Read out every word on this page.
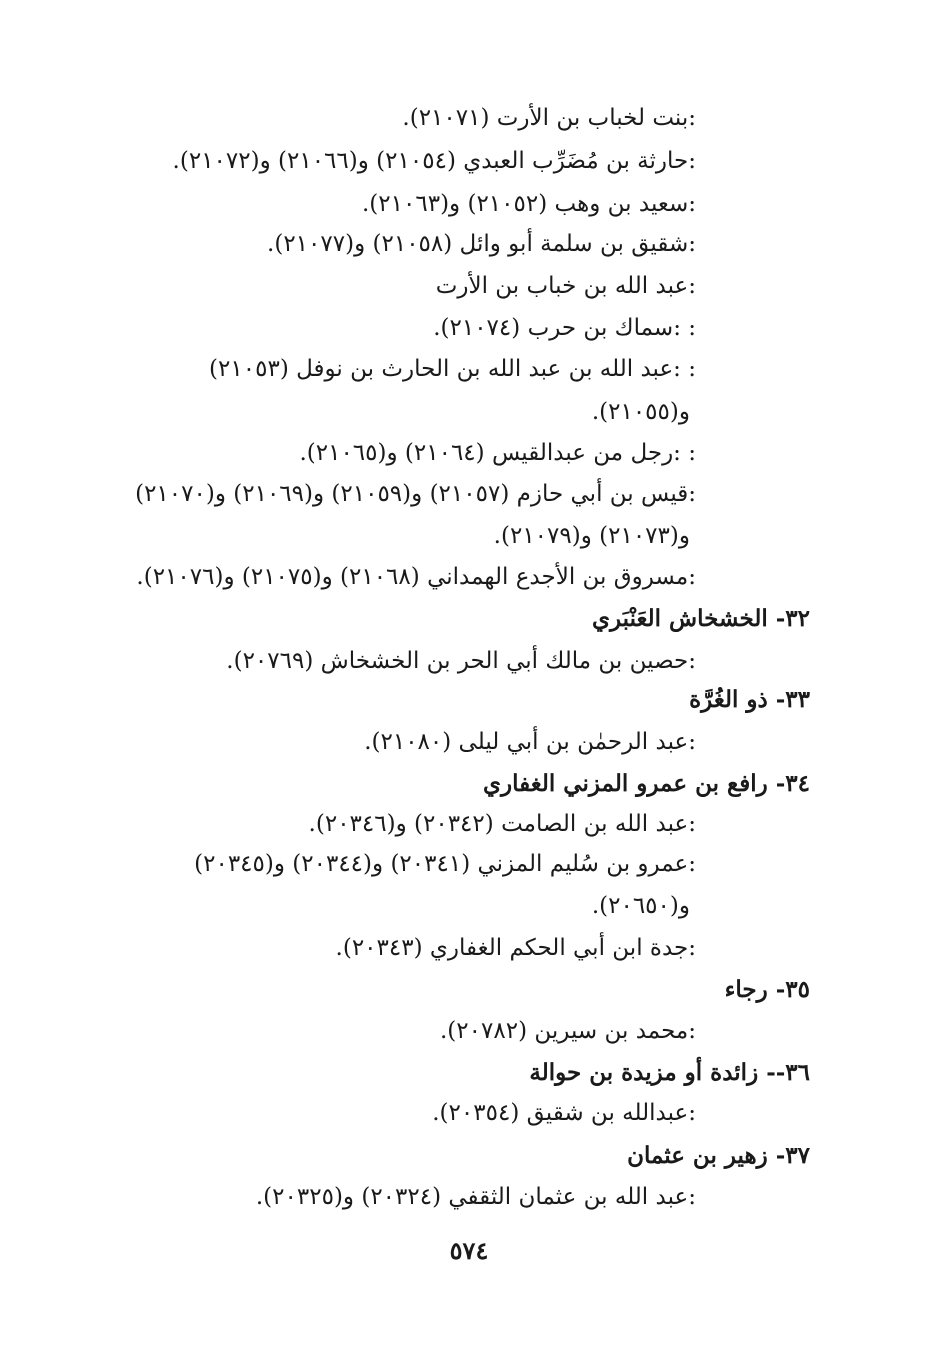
:بنت لخباب بن الأرت (٢١٠٧١).
:حارثة بن مُضَرِّب العبدي (٢١٠٥٤) و(٢١٠٦٦) و(٢١٠٧٢).
:سعيد بن وهب (٢١٠٥٢) و(٢١٠٦٣).
:شقيق بن سلمة أبو وائل (٢١٠٥٨) و(٢١٠٧٧).
:عبد الله بن خباب بن الأرت
: :سماك بن حرب (٢١٠٧٤).
: :عبد الله بن عبد الله بن الحارث بن نوفل (٢١٠٥٣)
و(٢١٠٥٥).
: :رجل من عبدالقيس (٢١٠٦٤) و(٢١٠٦٥).
:قيس بن أبي حازم (٢١٠٥٧) و(٢١٠٥٩) و(٢١٠٦٩) و(٢١٠٧٠)
و(٢١٠٧٣) و(٢١٠٧٩).
:مسروق بن الأجدع الهمداني (٢١٠٦٨) و(٢١٠٧٥) و(٢١٠٧٦).
٣٢- الخشخاش العَنْبَري
:حصين بن مالك أبي الحر بن الخشخاش (٢٠٧٦٩).
٣٣- ذو الغُرَّة
:عبد الرحمٰن بن أبي ليلى (٢١٠٨٠).
٣٤- رافع بن عمرو المزني الغفاري
:عبد الله بن الصامت (٢٠٣٤٢) و(٢٠٣٤٦).
:عمرو بن سُليم المزني (٢٠٣٤١) و(٢٠٣٤٤) و(٢٠٣٤٥)
و(٢٠٦٥٠).
:جدة ابن أبي الحكم الغفاري (٢٠٣٤٣).
٣٥- رجاء
:محمد بن سيرين (٢٠٧٨٢).
٣٦-- زائدة أو مزيدة بن حوالة
:عبدالله بن شقيق (٢٠٣٥٤).
٣٧- زهير بن عثمان
:عبد الله بن عثمان الثقفي (٢٠٣٢٤) و(٢٠٣٢٥).
٥٧٤
